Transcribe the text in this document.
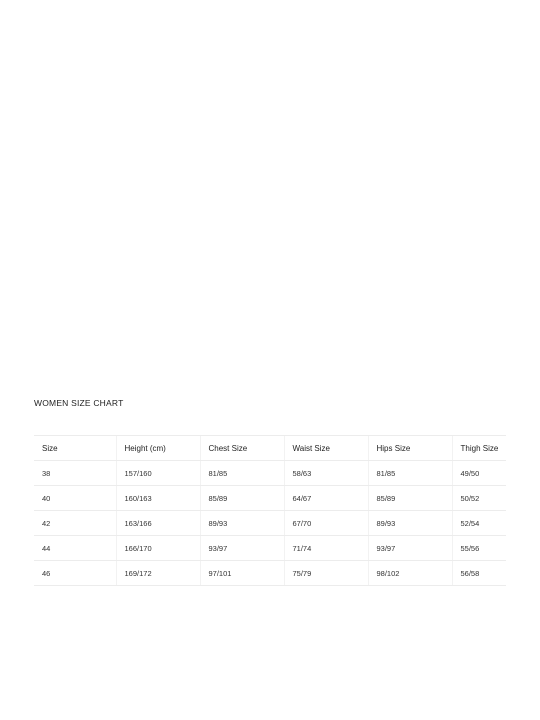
WOMEN SIZE CHART
Size	Height (cm)	Chest Size	Waist Size	Hips Size	Thigh Size
38	157/160	81/85	58/63	81/85	49/50
40	160/163	85/89	64/67	85/89	50/52
42	163/166	89/93	67/70	89/93	52/54
44	166/170	93/97	71/74	93/97	55/56
46	169/172	97/101	75/79	98/102	56/58
